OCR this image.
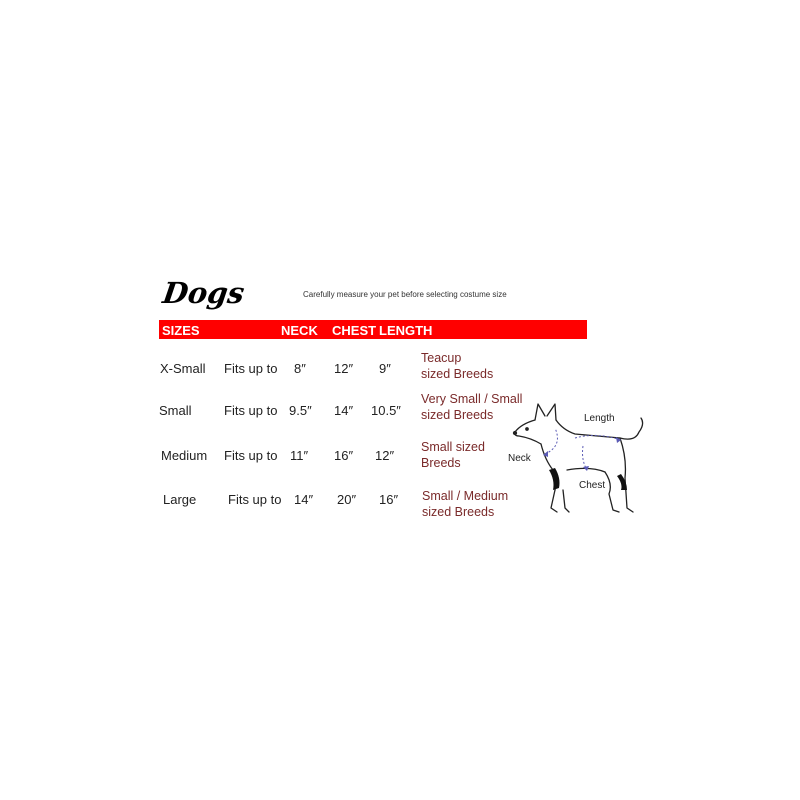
Dogs	Carefully measure your pet before selecting costume size
SIZES	NECK CHEST LENGTH
X-Small Fits up to 8″ 12″ 9″
Teacup
sized Breeds
Small Fits up to 9.5″ 14″ 10.5″
Very Small / Small
sized Breeds
Medium Fits up to 11″ 16″ 12″
Small sized
Breeds
Large Fits up to 14″ 20″ 16″ Small / Medium
sized Breeds
Neck
Chest
Length
